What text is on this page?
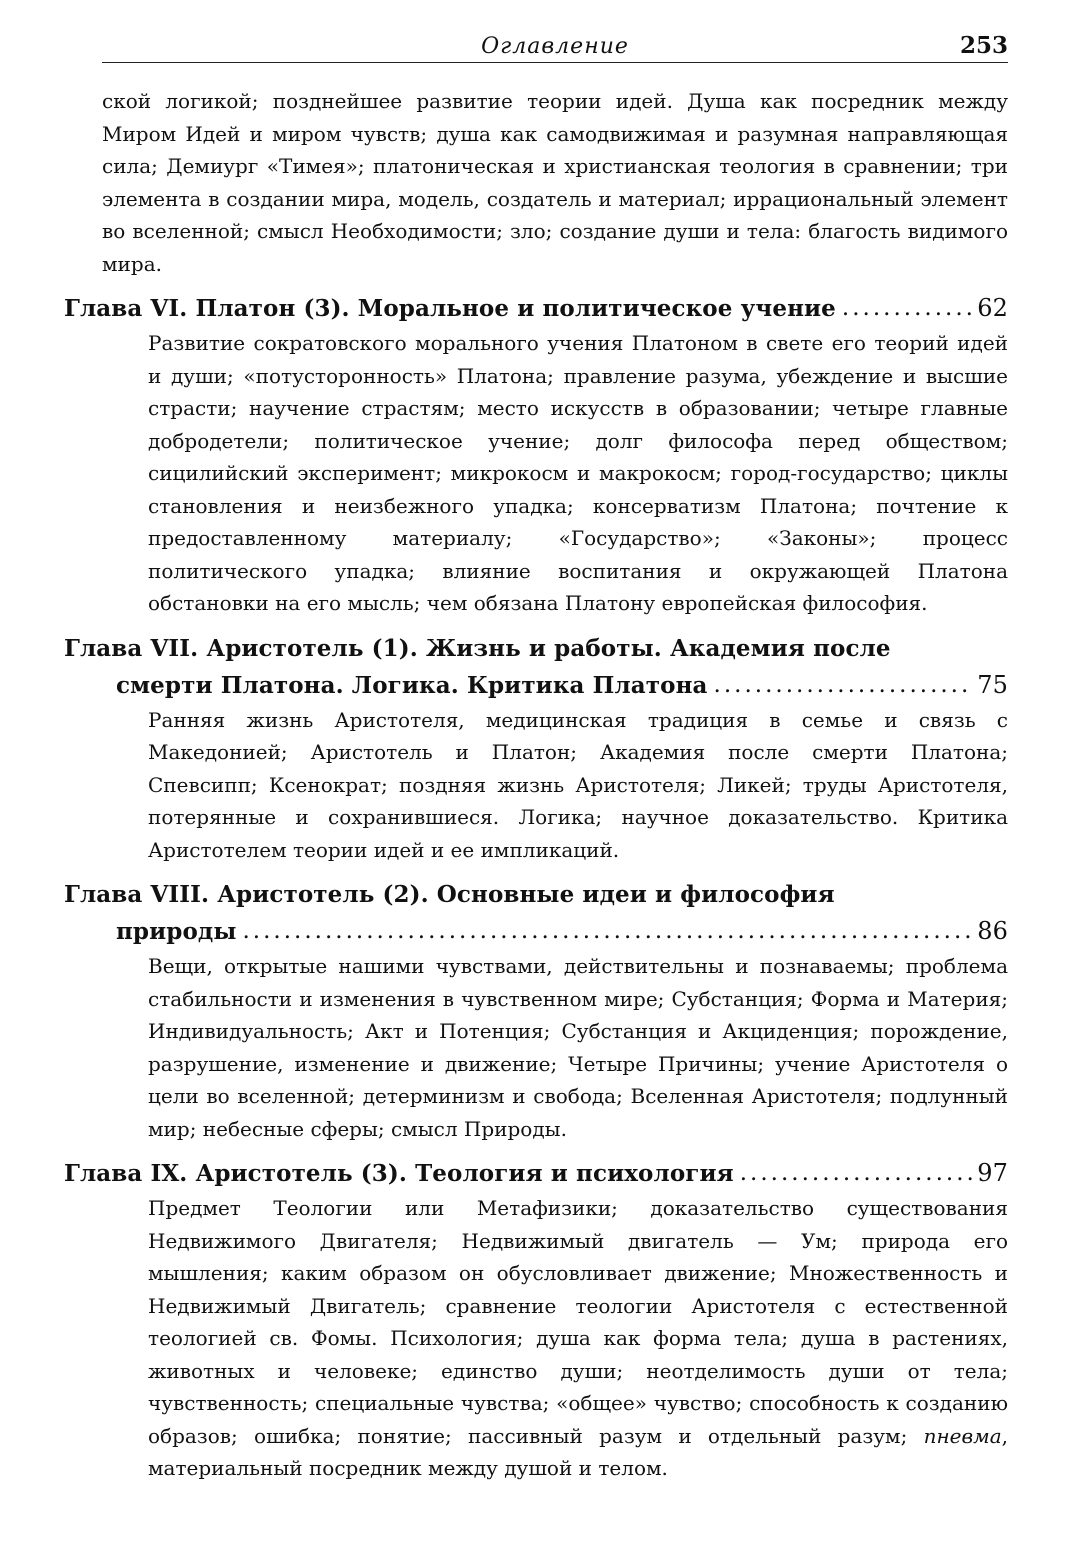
Оглавление	253

ской логикой; позднейшее развитие теории идей. Душа как посредник между Миром Идей и миром чувств; душа как самодвижимая и разумная направляющая сила; Демиург «Тимея»; платоническая и христианская теология в сравнении; три элемента в создании мира, модель, создатель и материал; иррациональный элемент во вселенной; смысл Необходимости; зло; создание души и тела: благость видимого мира.

Глава VI. Платон (3). Моральное и политическое учение .....	62

Развитие сократовского морального учения Платоном в свете его теорий идей и души; «потусторонность» Платона; правление разума, убеждение и высшие страсти; научение страстям; место искусств в образовании; четыре главные добродетели; политическое учение; долг философа перед обществом; сицилийский эксперимент; микрокосм и макрокосм; город-государство; циклы становления и неизбежного упадка; консерватизм Платона; почтение к предоставленному материалу; «Государство»; «Законы»; процесс политического упадка; влияние воспитания и окружающей Платона обстановки на его мысль; чем обязана Платону европейская философия.

Глава VII. Аристотель (1). Жизнь и работы. Академия после
смерти Платона. Логика. Критика Платона .....	75

Ранняя жизнь Аристотеля, медицинская традиция в семье и связь с Македонией; Аристотель и Платон; Академия после смерти Платона; Спевсипп; Ксенократ; поздняя жизнь Аристотеля; Ликей; труды Аристотеля, потерянные и сохранившиеся. Логика; научное доказательство. Критика Аристотелем теории идей и ее импликаций.

Глава VIII. Аристотель (2). Основные идеи и философия
природы .....	86

Вещи, открытые нашими чувствами, действительны и познаваемы; проблема стабильности и изменения в чувственном мире; Субстанция; Форма и Материя; Индивидуальность; Акт и Потенция; Субстанция и Акциденция; порождение, разрушение, изменение и движение; Четыре Причины; учение Аристотеля о цели во вселенной; детерминизм и свобода; Вселенная Аристотеля; подлунный мир; небесные сферы; смысл Природы.

Глава IX. Аристотель (3). Теология и психология .....	97

Предмет Теологии или Метафизики; доказательство существования Недвижимого Двигателя; Недвижимый двигатель — Ум; природа его мышления; каким образом он обусловливает движение; Множественность и Недвижимый Двигатель; сравнение теологии Аристотеля с естественной теологией св. Фомы. Психология; душа как форма тела; душа в растениях, животных и человеке; единство души; неотделимость души от тела; чувственность; специальные чувства; «общее» чувство; способность к созданию образов; ошибка; понятие; пассивный разум и отдельный разум; пневма, материальный посредник между душой и телом.
